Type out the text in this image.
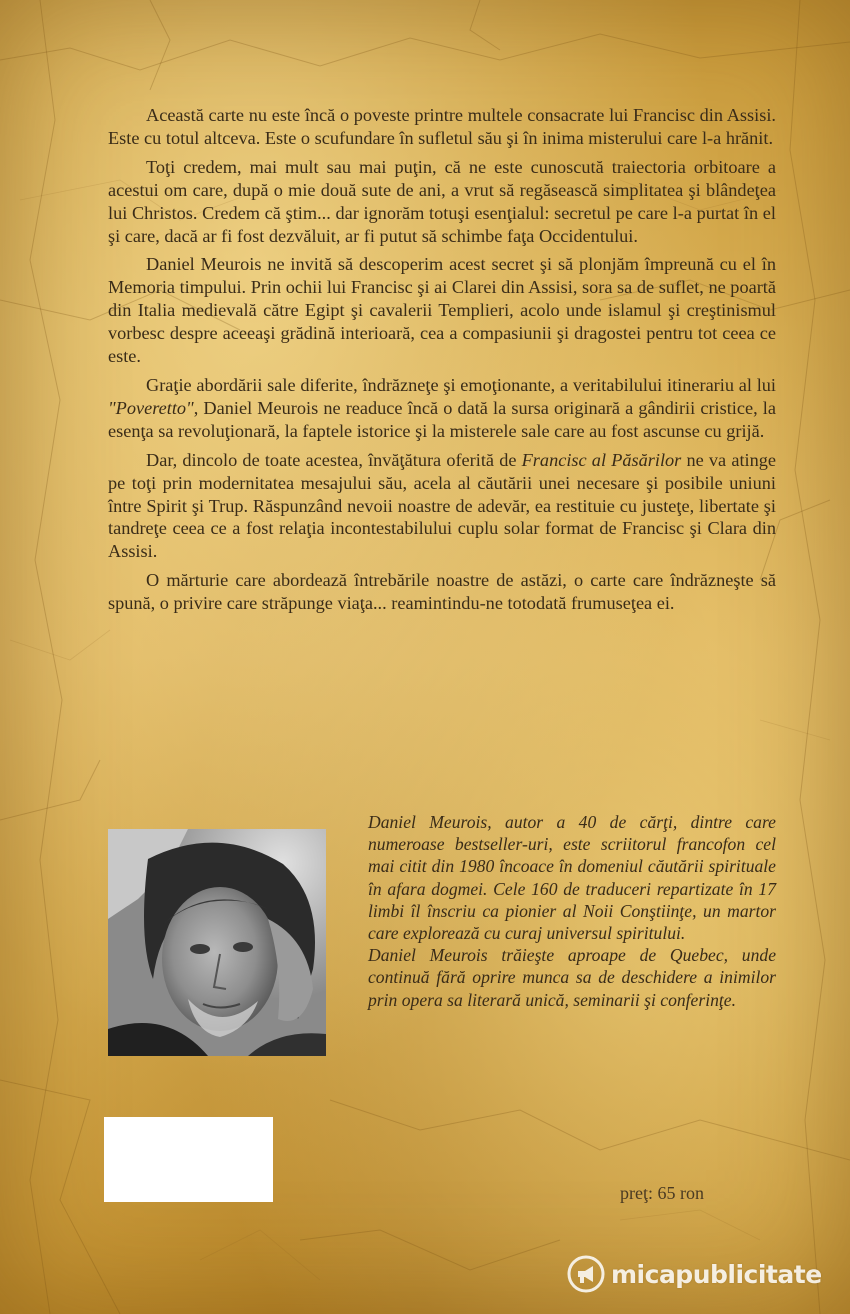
Această carte nu este încă o poveste printre multele consacrate lui Francisc din Assisi. Este cu totul altceva. Este o scufundare în sufletul său şi în inima misterului care l-a hrănit.

Toţi credem, mai mult sau mai puţin, că ne este cunoscută traiectoria orbitoare a acestui om care, după o mie două sute de ani, a vrut să regăsească simplitatea şi blândeţea lui Christos. Credem că ştim... dar ignorăm totuşi esenţialul: secretul pe care l-a purtat în el şi care, dacă ar fi fost dezvăluit, ar fi putut să schimbe faţa Occidentului.

Daniel Meurois ne invită să descoperim acest secret şi să plonjăm împreună cu el în Memoria timpului. Prin ochii lui Francisc şi ai Clarei din Assisi, sora sa de suflet, ne poartă din Italia medievală către Egipt şi cavalerii Templieri, acolo unde islamul şi creştinismul vorbesc despre aceeaşi grădină interioară, cea a compasiunii şi dragostei pentru tot ceea ce este.

Graţie abordării sale diferite, îndrăzneţe şi emoţionante, a veritabilului itinerariu al lui "Poveretto", Daniel Meurois ne readuce încă o dată la sursa originară a gândirii cristice, la esenţa sa revoluţionară, la faptele istorice şi la misterele sale care au fost ascunse cu grijă.

Dar, dincolo de toate acestea, învăţătura oferită de Francisc al Păsărilor ne va atinge pe toţi prin modernitatea mesajului său, acela al căutării unei necesare şi posibile uniuni între Spirit şi Trup. Răspunzând nevoii noastre de adevăr, ea restituie cu justeţe, libertate şi tandreţe ceea ce a fost relaţia incontestabilului cuplu solar format de Francisc şi Clara din Assisi.

O mărturie care abordează întrebările noastre de astăzi, o carte care îndrăzneşte să spună, o privire care străpunge viaţa... reamintindu-ne totodată frumuseţea ei.

Daniel Meurois, autor a 40 de cărţi, dintre care numeroase bestseller-uri, este scriitorul francofon cel mai citit din 1980 încoace în domeniul căutării spirituale în afara dogmei. Cele 160 de traduceri repartizate în 17 limbi îl înscriu ca pionier al Noii Conştiinţe, un martor care explorează cu curaj universul spiritului.

Daniel Meurois trăieşte aproape de Quebec, unde continuă fără oprire munca sa de deschidere a inimilor prin opera sa literară unică, seminarii şi conferinţe.

preţ: 65 ron
micapublicitate
